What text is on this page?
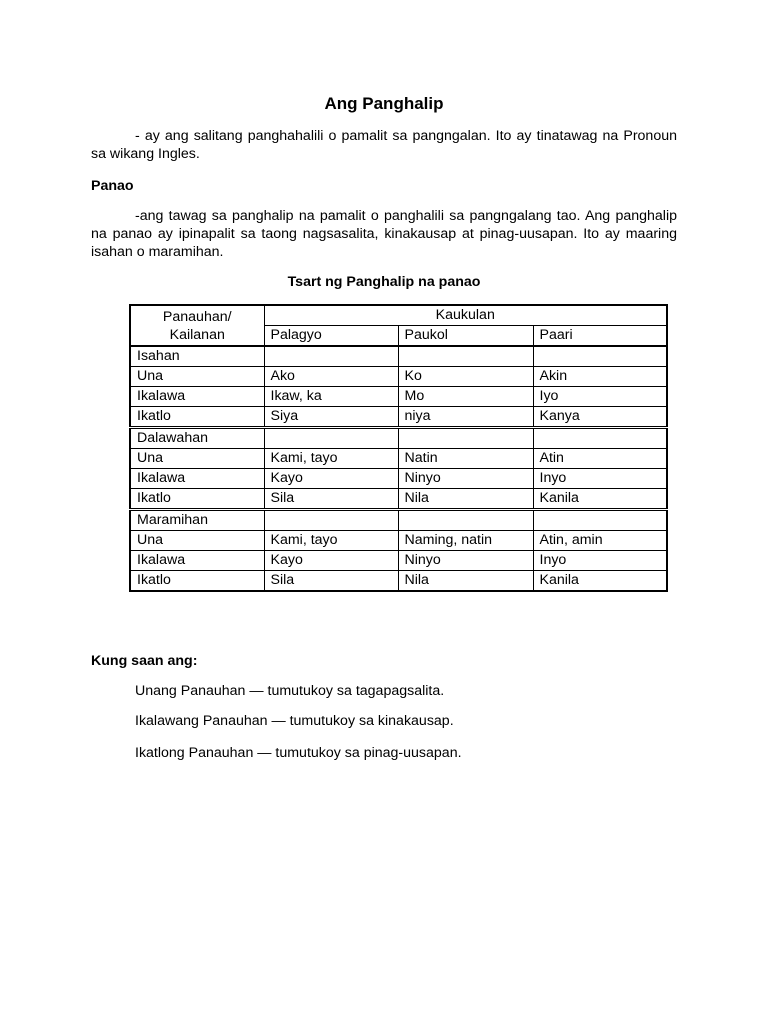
Ang Panghalip
- ay ang salitang panghahalili o pamalit sa pangngalan. Ito ay tinatawag na Pronoun sa wikang Ingles.
Panao
-ang tawag sa panghalip na pamalit o panghalili sa pangngalang tao. Ang panghalip na panao ay ipinapalit sa taong nagsasalita, kinakausap at pinag-uusapan. Ito ay maaring isahan o maramihan.
Tsart ng Panghalip na panao
Panauhan/
Kailanan	Kaukulan		
	Palagyo	Paukol	Paari
Isahan			
Una	Ako	Ko	Akin
Ikalawa	Ikaw, ka	Mo	Iyo
Ikatlo	Siya	niya	Kanya
Dalawahan			
Una	Kami, tayo	Natin	Atin
Ikalawa	Kayo	Ninyo	Inyo
Ikatlo	Sila	Nila	Kanila
Maramihan			
Una	Kami, tayo	Naming, natin	Atin, amin
Ikalawa	Kayo	Ninyo	Inyo
Ikatlo	Sila	Nila	Kanila
Kung saan ang:
Unang Panauhan — tumutukoy sa tagapagsalita.
Ikalawang Panauhan — tumutukoy sa kinakausap.
Ikatlong Panauhan — tumutukoy sa pinag-uusapan.
